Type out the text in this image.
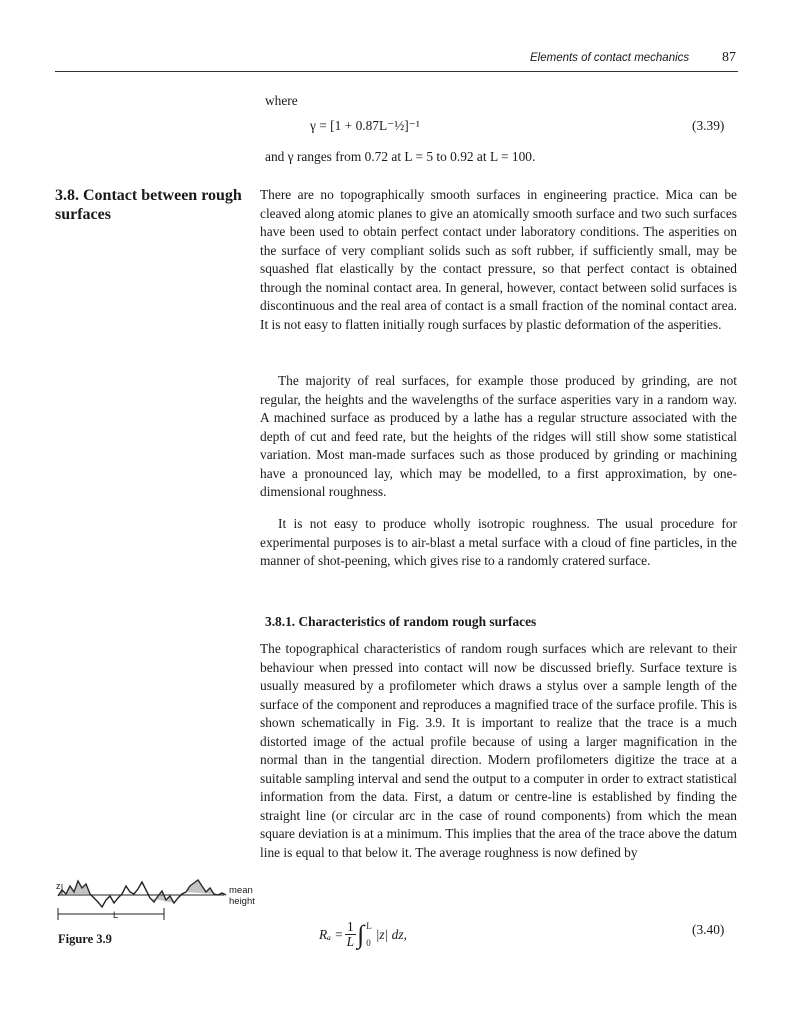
Elements of contact mechanics 87
where
γ = [1 + 0.87L⁻½]⁻¹	(3.39)
and γ ranges from 0.72 at L = 5 to 0.92 at L = 100.
3.8. Contact between rough surfaces

There are no topographically smooth surfaces in engineering practice. Mica can be cleaved along atomic planes to give an atomically smooth surface and two such surfaces have been used to obtain perfect contact under laboratory conditions. The asperities on the surface of very compliant solids such as soft rubber, if sufficiently small, may be squashed flat elastically by the contact pressure, so that perfect contact is obtained through the nominal contact area. In general, however, contact between solid surfaces is discontinuous and the real area of contact is a small fraction of the nominal contact area. It is not easy to flatten initially rough surfaces by plastic deformation of the asperities.

The majority of real surfaces, for example those produced by grinding, are not regular, the heights and the wavelengths of the surface asperities vary in a random way. A machined surface as produced by a lathe has a regular structure associated with the depth of cut and feed rate, but the heights of the ridges will still show some statistical variation. Most man-made surfaces such as those produced by grinding or machining have a pronounced lay, which may be modelled, to a first approximation, by one-dimensional roughness.

It is not easy to produce wholly isotropic roughness. The usual procedure for experimental purposes is to air-blast a metal surface with a cloud of fine particles, in the manner of shot-peening, which gives rise to a randomly cratered surface.

3.8.1. Characteristics of random rough surfaces

The topographical characteristics of random rough surfaces which are relevant to their behaviour when pressed into contact will now be discussed briefly. Surface texture is usually measured by a profilometer which draws a stylus over a sample length of the surface of the component and reproduces a magnified trace of the surface profile. This is shown schematically in Fig. 3.9. It is important to realize that the trace is a much distorted image of the actual profile because of using a larger magnification in the normal than in the tangential direction. Modern profilometers digitize the trace at a suitable sampling interval and send the output to a computer in order to extract statistical information from the data. First, a datum or centre-line is established by finding the straight line (or circular arc in the case of round components) from which the mean square deviation is at a minimum. This implies that the area of the trace above the datum line is equal to that below it. The average roughness is now defined by

z
L
mean
height
Figure 3.9	Rₐ	=	1	∫	L	|z| dz,
		L		0	
(3.40)
